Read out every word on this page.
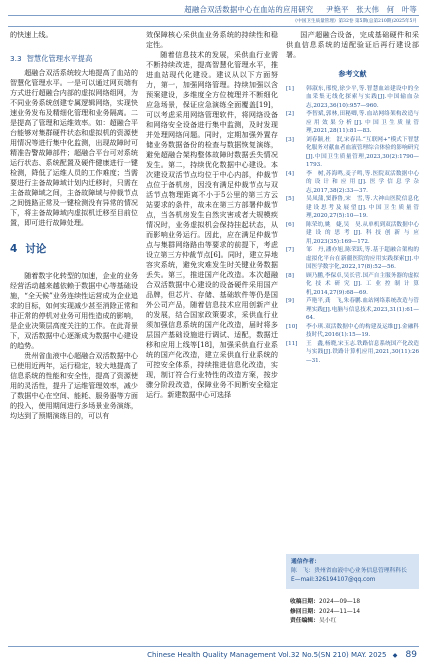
超融合双活数据中心在血站的应用研究 尹艳平　张大伟　何　叶等
《中国卫生质量管理》第32卷 第5期(总第210期)2025年5月

的快速上线。

3.3 智慧化管理水平提高

超融合双活系统较大地提高了血站的智慧化管理水平。一是可以通过网页端有方式进行超融合内部的虚拟网络组网，为不同业务系统创建专属逻辑网络，实现快速业务发布及精细化管理和业务隔离。二是提高了管理和运维效率。如：超融合平台能够对集群硬件状态和虚拟机的资源使用情况等进行集中化监测，出现故障时可精准告警故障部件；超融合平台可对系统运行状态、系统配置及硬件健康进行一键检测，降低了运维人员的工作难度；当需要进行主备故障域计划内迁移时，只需在主备故障域之间，主备故障域与仲裁节点之间链路正常及一键检测没有异常的情况下，将主备故障域内虚拟机迁移至目前位置，即可进行故障处理。

4 讨论

随着数字化转型的加速，企业的业务经营活动越来越依赖于数据中心等基础设施，“全天候”业务连续性运营成为企业追求的目标，如何实现减少甚至消除正常和非正常的停机对业务可用性造成的影响，是企业决策层高度关注的工作。在此背景下，双活数据中心逐渐成为数据中心建设的趋势。

贵州省血液中心超融合双活数据中心已使用近两年，运行稳定，较大地提高了信息系统的性能和安全性，提高了资源使用的灵活性，提升了运维管理效率，减少了数据中心在空间、能耗、服务器等方面的投入，使用期间进行多场景业务演练，均达到了预期演练目的，可以有

效保障核心采供血业务系统的持续性和稳定性。

随着信息技术的发展，采供血行业需不断持续改进，提高智慧化管理水平，推进血站现代化建设。建议从以下方面努力，第一，加强网络管理。持续加强以含预案建设，多维度全方位梳理并不断细化应急场景，保证应急演练全面覆盖[19]，可以考虑采用网络管理软件，将网络设备和网络安全设备进行集中监测，及时发现并处理网络问题。同时，定期加强外置存储业务数据备份的检查与数据恢复演练，避免超融合架构整体故障时数据丢失情况发生。第二，持续优化数据中心建设。本次建设双活节点均位于中心内部，仲裁节点位于备机房，因没有满足仲裁节点与双活节点物理距离不小于5公里的第三方云站要求的条件，故未在第三方部署仲裁节点，当各机房发生自然灾害或者大规模疾情况时，业务虚拟机会保持挂起状态，从而影响业务运行。因此，应在满足仲裁节点与集群网络路由等要求的前提下，考虑设立第三方仲裁节点[6]。同时，建立异地容灾系统，避免灾难发生时关键业务数据丢失。第三，推进国产化改造。本次超融合双活数据中心建设的设备硬件采用国产品牌，但芯片、存储、基础软件等仍是国外公司产品，随着信息技术应用创新产业的发展，结合国家政策要求，采供血行业须加强信息系统的国产化改造，届时将多层国产基础设施进行调试、适配，数据迁移和应用上线等[18]，加强采供血行业系统的国产化改造，建立采供血行业系统的可控安全体系，持续推进信息化改造，实现，制订符合行业特性的改造方案，按步骤分阶段改造，保障业务不间断安全稳定运行。新建数据中心可选择

国产超融合设备，完成基础硬件和采供血信息系统的适配验证后再行建设部署。

参考文献

[1] 韩淑东,邢悦,徐少平,等.智慧血站建设中的全血采集无线化探索与实践[J].中国输血杂志,2023,36(10):957—960.

[2] 李智斌,郭林,田秘卿,等.血站网络架构改造与应用效果分析[J].中国卫生质量管理,2021,28(11):81—83.

[3] 刘春颖,杜　泯,宋春昌.“互联网+”模式下智慧化服务对献血者血液管理综合体验的影响研究[J].中国卫生质量管理,2023,30(2):1790—1793.

[4] 李　树,苏海鸣,麦子鸣,等.医院双活数据中心的设计和应用[J].医学信息学杂志,2017,38(2):33—37.

[5] 吴凤蒲,窦静鲁,宋　雪,等.大神山医院信息化建设思考及展望[J].中国卫生质量管理,2020,27(5):10—19.

[6] 陈荣幼,姚　婕,吴　昊.从单机到双活数据中心建设的思考[J].科技创新与应用,2023(35):169—172.

[7] 邹　丹,潘亦旭,陈荣跃,等.基于超融合架构的虚拟化平台在新疆医院的应用实践探索[J].中国医学数字化,2022,17(8):52—56.

[8] 顾乃鹏,李保卓,吴长营.国产自主服务器的虚拟化技术研究[J].工业控制计算机,2014,27(9):68—69.

[9] 芦艳平,龚　飞,朱春鹏.血站网络系统改造与管理实践[J].电脑与信息技术,2023,31(1):61—64.

[10] 李小琪.双活数据中心的构建及运维[J].金融科技时代,2016(1):15—19.

[11] 王　鑫,杨晓,宋玉志.铁路信息系统国产化改造与实践[J].铁路计算机应用,2021,30(11):26—31.

通信作者：
陈　飞：贵州省血液中心业务信息管理科科长
E—mail:326194107@qq.com
收稿日期：2024—09—18
修回日期：2024—11—14
责任编辑：吴小红
Chinese Health Quality Management Vol.32 No.5(SN 210) MAY. 2025 ◆ 89
